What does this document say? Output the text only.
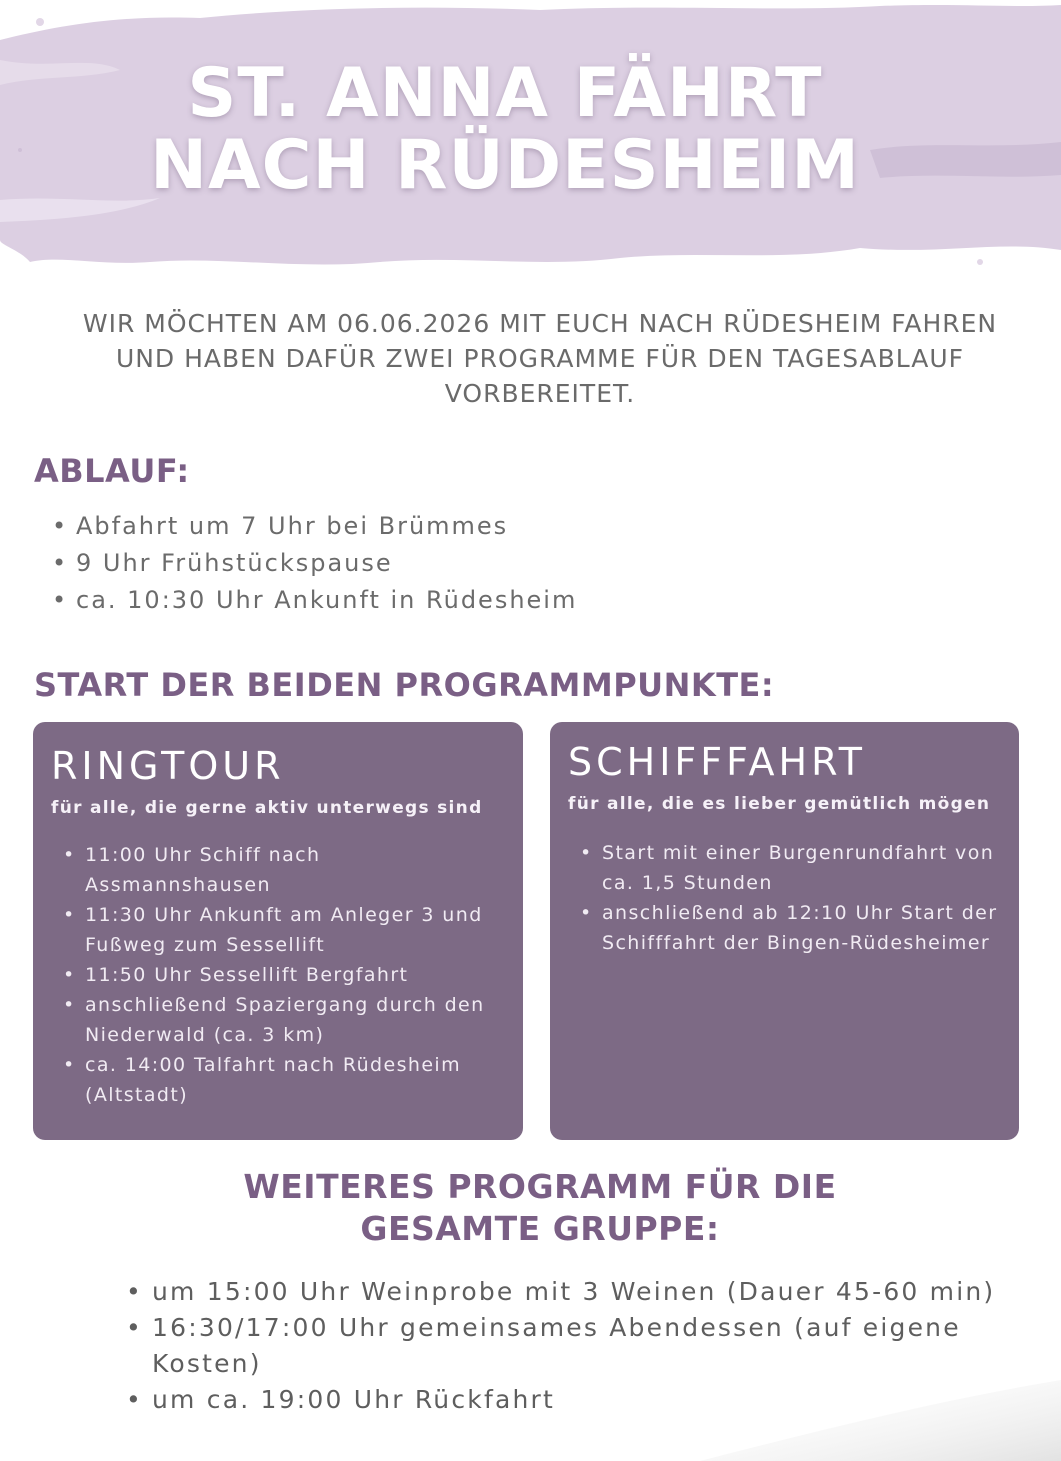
ST. ANNA FÄHRT
NACH RÜDESHEIM
WIR MÖCHTEN AM 06.06.2026 MIT EUCH NACH RÜDESHEIM FAHREN UND HABEN DAFÜR ZWEI PROGRAMME FÜR DEN TAGESABLAUF VORBEREITET.
ABLAUF:
• Abfahrt um 7 Uhr bei Brümmes
• 9 Uhr Frühstückspause
• ca. 10:30 Uhr Ankunft in Rüdesheim
START DER BEIDEN PROGRAMMPUNKTE:
RINGTOUR
für alle, die gerne aktiv unterwegs sind
• 11:00 Uhr Schiff nach Assmannshausen
• 11:30 Uhr Ankunft am Anleger 3 und Fußweg zum Sessellift
• 11:50 Uhr Sessellift Bergfahrt
• anschließend Spaziergang durch den Niederwald (ca. 3 km)
• ca. 14:00 Talfahrt nach Rüdesheim (Altstadt)
SCHIFFFAHRT
für alle, die es lieber gemütlich mögen
• Start mit einer Burgenrundfahrt von ca. 1,5 Stunden
• anschließend ab 12:10 Uhr Start der Schifffahrt der Bingen-Rüdesheimer
WEITERES PROGRAMM FÜR DIE
GESAMTE GRUPPE:
• um 15:00 Uhr Weinprobe mit 3 Weinen (Dauer 45-60 min)
• 16:30/17:00 Uhr gemeinsames Abendessen (auf eigene Kosten)
• um ca. 19:00 Uhr Rückfahrt
